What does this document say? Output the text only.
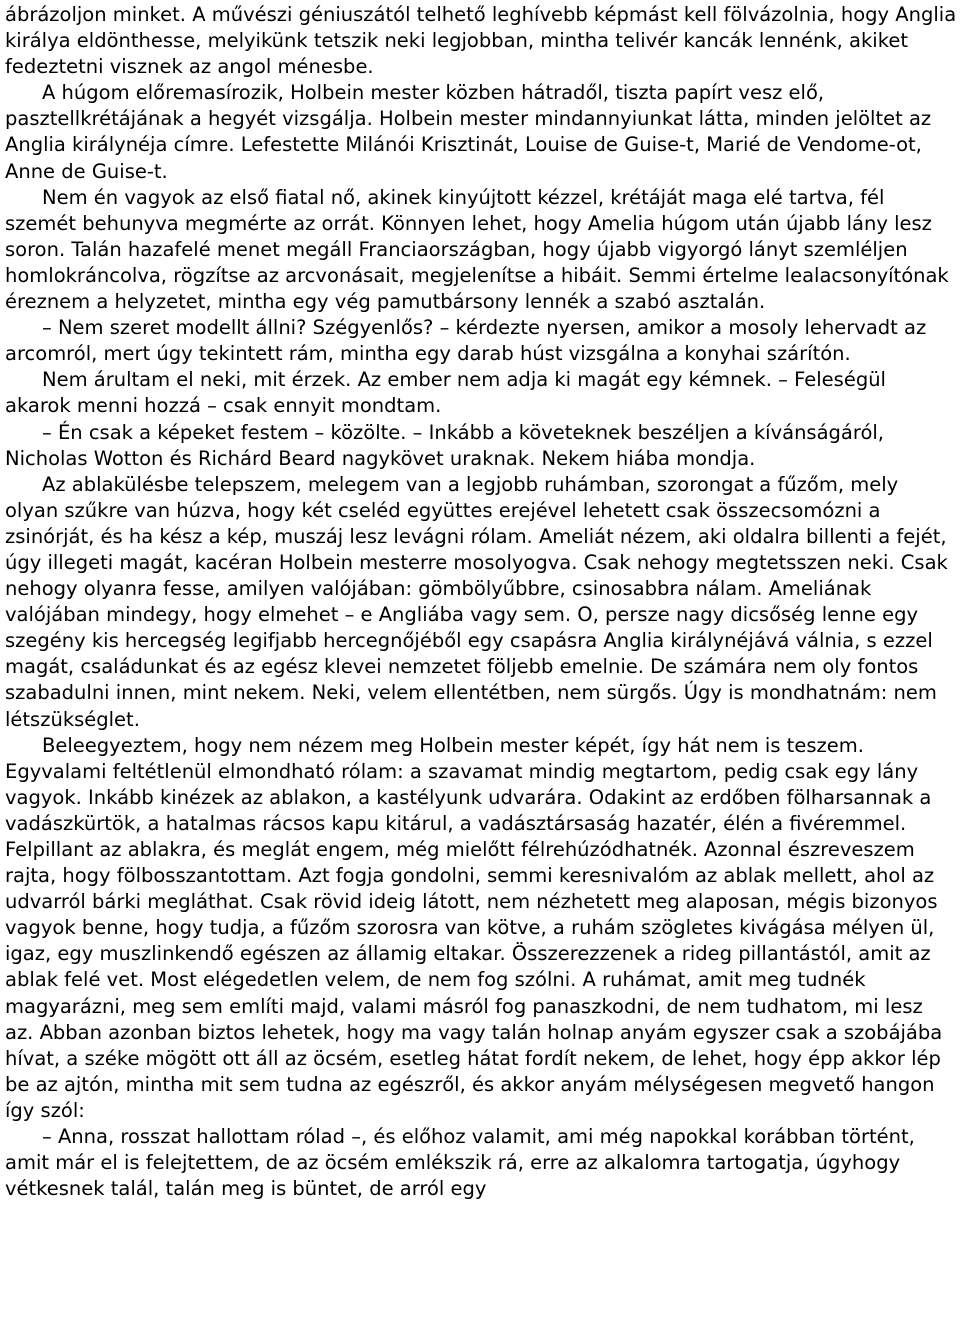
ábrázoljon minket. A művészi géniuszától telhető leghívebb képmást kell fölvázolnia, hogy Anglia királya eldönthesse, melyikünk tetszik neki legjobban, mintha telivér kancák lennénk, akiket fedeztetni visznek az angol ménesbe.

A húgom előremasírozik, Holbein mester közben hátradől, tiszta papírt vesz elő, pasztellkrétájának a hegyét vizsgálja. Holbein mester mindannyiunkat látta, minden jelöltet az Anglia királynéja címre. Lefestette Milánói Krisztinát, Louise de Guise-t, Marié de Vendome-ot, Anne de Guise-t.

Nem én vagyok az első fiatal nő, akinek kinyújtott kézzel, krétáját maga elé tartva, fél szemét behunyva megmérte az orrát. Könnyen lehet, hogy Amelia húgom után újabb lány lesz soron. Talán hazafelé menet megáll Franciaországban, hogy újabb vigyorgó lányt szemléljen homlokráncolva, rögzítse az arcvonásait, megjelenítse a hibáit. Semmi értelme lealacsonyítónak éreznem a helyzetet, mintha egy vég pamutbársony lennék a szabó asztalán.

– Nem szeret modellt állni? Szégyenlős? – kérdezte nyersen, amikor a mosoly lehervadt az arcomról, mert úgy tekintett rám, mintha egy darab húst vizsgálna a konyhai szárítón.

Nem árultam el neki, mit érzek. Az ember nem adja ki magát egy kémnek. – Feleségül akarok menni hozzá – csak ennyit mondtam.

– Én csak a képeket festem – közölte. – Inkább a követeknek beszéljen a kívánságáról, Nicholas Wotton és Richárd Beard nagykövet uraknak. Nekem hiába mondja.

Az ablakülésbe telepszem, melegem van a legjobb ruhámban, szorongat a fűzőm, mely olyan szűkre van húzva, hogy két cseléd együttes erejével lehetett csak összecsomózni a zsinórját, és ha kész a kép, muszáj lesz levágni rólam. Ameliát nézem, aki oldalra billenti a fejét, úgy illegeti magát, kacéran Holbein mesterre mosolyogva. Csak nehogy megtetsszen neki. Csak nehogy olyanra fesse, amilyen valójában: gömbölyűbbre, csinosabbra nálam. Ameliának valójában mindegy, hogy elmehet – e Angliába vagy sem. O, persze nagy dicsőség lenne egy szegény kis hercegség legifjabb hercegnőjéből egy csapásra Anglia királynéjává válnia, s ezzel magát, családunkat és az egész klevei nemzetet följebb emelnie. De számára nem oly fontos szabadulni innen, mint nekem. Neki, velem ellentétben, nem sürgős. Úgy is mondhatnám: nem létszükséglet.

Beleegyeztem, hogy nem nézem meg Holbein mester képét, így hát nem is teszem. Egyvalami feltétlenül elmondható rólam: a szavamat mindig megtartom, pedig csak egy lány vagyok. Inkább kinézek az ablakon, a kastélyunk udvarára. Odakint az erdőben fölharsannak a vadászkürtök, a hatalmas rácsos kapu kitárul, a vadásztársaság hazatér, élén a fivéremmel. Felpillant az ablakra, és meglát engem, még mielőtt félrehúzódhatnék. Azonnal észreveszem rajta, hogy fölbosszantottam. Azt fogja gondolni, semmi keresnivalóm az ablak mellett, ahol az udvarról bárki megláthat. Csak rövid ideig látott, nem nézhetett meg alaposan, mégis bizonyos vagyok benne, hogy tudja, a fűzőm szorosra van kötve, a ruhám szögletes kivágása mélyen ül, igaz, egy muszlinkendő egészen az államig eltakar. Összerezzenek a rideg pillantástól, amit az ablak felé vet. Most elégedetlen velem, de nem fog szólni. A ruhámat, amit meg tudnék magyarázni, meg sem említi majd, valami másról fog panaszkodni, de nem tudhatom, mi lesz az. Abban azonban biztos lehetek, hogy ma vagy talán holnap anyám egyszer csak a szobájába hívat, a széke mögött ott áll az öcsém, esetleg hátat fordít nekem, de lehet, hogy épp akkor lép be az ajtón, mintha mit sem tudna az egészről, és akkor anyám mélységesen megvető hangon így szól:

– Anna, rosszat hallottam rólad –, és előhoz valamit, ami még napokkal korábban történt, amit már el is felejtettem, de az öcsém emlékszik rá, erre az alkalomra tartogatja, úgyhogy vétkesnek talál, talán meg is büntet, de arról egy
